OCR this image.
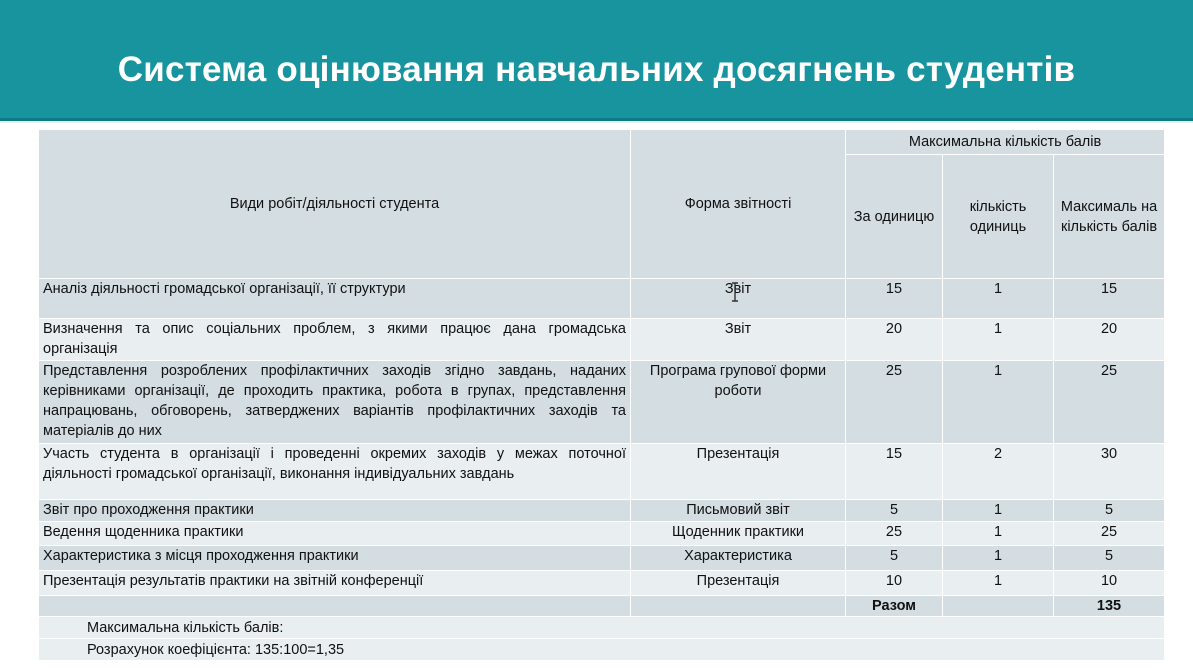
Система оцінювання навчальних досягнень студентів
Види робіт/діяльності студента	Форма звітності	Максимальна кількість балів		
		За одиницю	кількість одиниць	Максималь на кількість балів
Аналіз діяльності громадської організації, її структури	Звіт	15	1	15
Визначення та опис соціальних проблем, з якими працює дана громадська організація	Звіт	20	1	20
Представлення розроблених профілактичних заходів згідно завдань, наданих керівниками організації, де проходить практика, робота в групах, представлення напрацювань, обговорень, затверджених варіантів профілактичних заходів та матеріалів до них	Програма групової форми роботи	25	1	25
Участь студента в організації і проведенні окремих заходів у межах поточної діяльності громадської організації, виконання індивідуальних завдань	Презентація	15	2	30
Звіт про проходження практики	Письмовий звіт	5	1	5
Ведення щоденника практики	Щоденник практики	25	1	25
Характеристика з місця проходження практики	Характеристика	5	1	5
Презентація результатів практики на звітній конференції	Презентація	10	1	10
		Разом		135
Максимальна кількість балів:				
Розрахунок коефіцієнта: 135:100=1,35				
